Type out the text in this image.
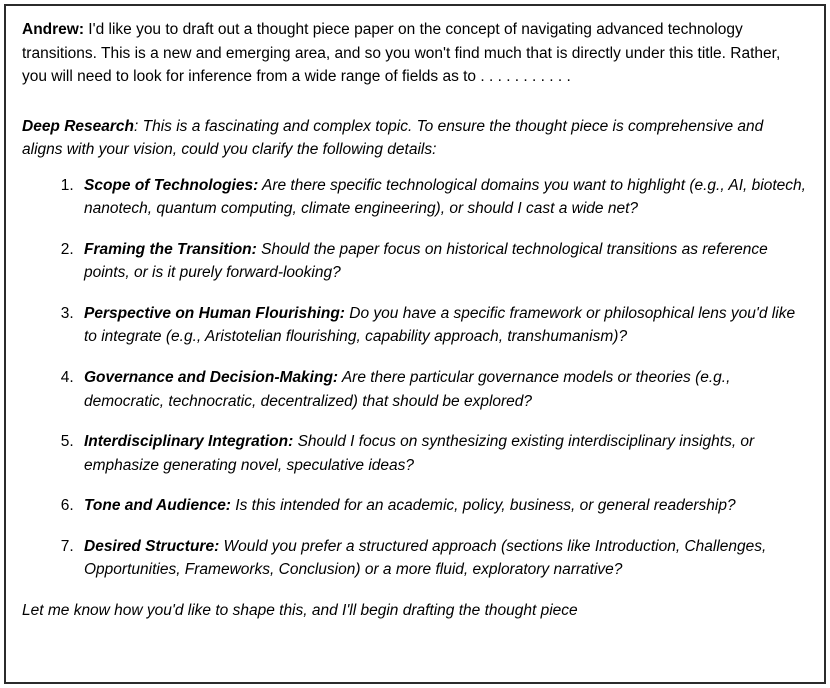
Andrew: I'd like you to draft out a thought piece paper on the concept of navigating advanced technology transitions. This is a new and emerging area, and so you won't find much that is directly under this title. Rather, you will need to look for inference from a wide range of fields as to . . . . . . . . . . .

Deep Research: This is a fascinating and complex topic. To ensure the thought piece is comprehensive and aligns with your vision, could you clarify the following details:

1. Scope of Technologies: Are there specific technological domains you want to highlight (e.g., AI, biotech, nanotech, quantum computing, climate engineering), or should I cast a wide net?
2. Framing the Transition: Should the paper focus on historical technological transitions as reference points, or is it purely forward-looking?
3. Perspective on Human Flourishing: Do you have a specific framework or philosophical lens you'd like to integrate (e.g., Aristotelian flourishing, capability approach, transhumanism)?
4. Governance and Decision-Making: Are there particular governance models or theories (e.g., democratic, technocratic, decentralized) that should be explored?
5. Interdisciplinary Integration: Should I focus on synthesizing existing interdisciplinary insights, or emphasize generating novel, speculative ideas?
6. Tone and Audience: Is this intended for an academic, policy, business, or general readership?
7. Desired Structure: Would you prefer a structured approach (sections like Introduction, Challenges, Opportunities, Frameworks, Conclusion) or a more fluid, exploratory narrative?

Let me know how you'd like to shape this, and I'll begin drafting the thought piece
